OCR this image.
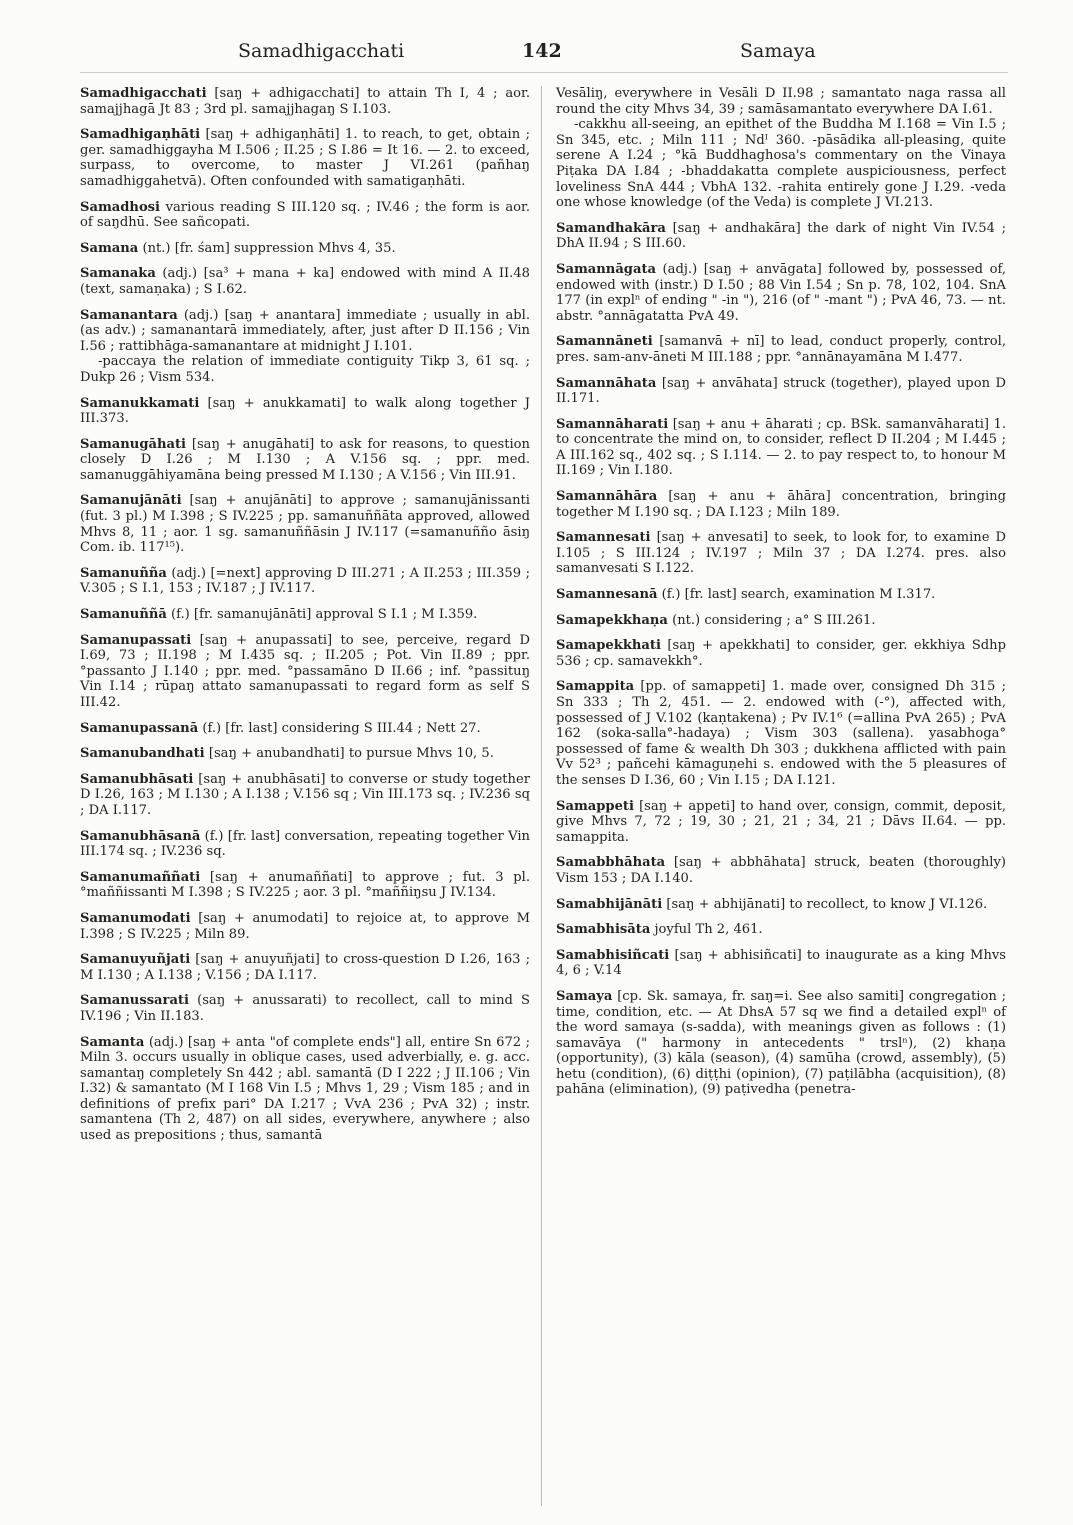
Samadhigacchati	142	Samaya
Samadhigacchati [saŋ + adhigacchati] to attain Th I, 4 ; aor. samajjhagā Jt 83 ; 3rd pl. samajjhagaŋ S I.103.
Samadhigaṇhāti [saŋ + adhigaṇhāti] 1. to reach, to get, obtain ; ger. samadhiggayha M I.506 ; II.25 ; S I.86 = It 16. — 2. to exceed, surpass, to overcome, to master J VI.261 (pañhaŋ samadhiggahetvā). Often confounded with samatigaṇhāti.
Samadhosi various reading S III.120 sq. ; IV.46 ; the form is aor. of saŋdhū. See sañcopati.
Samana (nt.) [fr. śam] suppression Mhvs 4, 35.
Samanaka (adj.) [sa³ + mana + ka] endowed with mind A II.48 (text, samaṇaka) ; S I.62.
Samanantara (adj.) [saŋ + anantara] immediate ; usually in abl. (as adv.) ; samanantarā immediately, after, just after D II.156 ; Vin I.56 ; rattibhāga-samanantare at midnight J I.101.
-paccaya the relation of immediate contiguity Tikp 3, 61 sq. ; Dukp 26 ; Vism 534.
Samanukkamati [saŋ + anukkamati] to walk along together J III.373.
Samanugāhati [saŋ + anugāhati] to ask for reasons, to question closely D I.26 ; M I.130 ; A V.156 sq. ; ppr. med. samanuggāhiyamāna being pressed M I.130 ; A V.156 ; Vin III.91.
Samanujānāti [saŋ + anujānāti] to approve ; samanujānissanti (fut. 3 pl.) M I.398 ; S IV.225 ; pp. samanuññāta approved, allowed Mhvs 8, 11 ; aor. 1 sg. samanuññāsin J IV.117 (=samanuñño āsiŋ Com. ib. 117¹⁵).
Samanuñña (adj.) [=next] approving D III.271 ; A II.253 ; III.359 ; V.305 ; S I.1, 153 ; IV.187 ; J IV.117.
Samanuññā (f.) [fr. samanujānāti] approval S I.1 ; M I.359.
Samanupassati [saŋ + anupassati] to see, perceive, regard D I.69, 73 ; II.198 ; M I.435 sq. ; II.205 ; Pot. Vin II.89 ; ppr. °passanto J I.140 ; ppr. med. °passamāno D II.66 ; inf. °passituŋ Vin I.14 ; rūpaŋ attato samanupassati to regard form as self S III.42.
Samanupassanā (f.) [fr. last] considering S III.44 ; Nett 27.
Samanubandhati [saŋ + anubandhati] to pursue Mhvs 10, 5.
Samanubhāsati [saŋ + anubhāsati] to converse or study together D I.26, 163 ; M I.130 ; A I.138 ; V.156 sq ; Vin III.173 sq. ; IV.236 sq ; DA I.117.
Samanubhāsanā (f.) [fr. last] conversation, repeating together Vin III.174 sq. ; IV.236 sq.
Samanumaññati [saŋ + anumaññati] to approve ; fut. 3 pl. °maññissanti M I.398 ; S IV.225 ; aor. 3 pl. °maññiŋsu J IV.134.
Samanumodati [saŋ + anumodati] to rejoice at, to approve M I.398 ; S IV.225 ; Miln 89.
Samanuyuñjati [saŋ + anuyuñjati] to cross-question D I.26, 163 ; M I.130 ; A I.138 ; V.156 ; DA I.117.
Samanussarati (saŋ + anussarati) to recollect, call to mind S IV.196 ; Vin II.183.
Samanta (adj.) [saŋ + anta "of complete ends"] all, entire Sn 672 ; Miln 3. occurs usually in oblique cases, used adverbially, e. g. acc. samantaŋ completely Sn 442 ; abl. samantā (D I 222 ; J II.106 ; Vin I.32) & samantato (M I 168 Vin I.5 ; Mhvs 1, 29 ; Vism 185 ; and in definitions of prefix pari° DA I.217 ; VvA 236 ; PvA 32) ; instr. samantena (Th 2, 487) on all sides, everywhere, anywhere ; also used as prepositions ; thus, samantā
Vesāliŋ, everywhere in Vesāli D II.98 ; samantato naga rassa all round the city Mhvs 34, 39 ; samāsamantato everywhere DA I.61.
-cakkhu all-seeing, an epithet of the Buddha M I.168 = Vin I.5 ; Sn 345, etc. ; Miln 111 ; Ndᴵ 360. -pāsādika all-pleasing, quite serene A I.24 ; °kā Buddhaghosa's commentary on the Vinaya Piṭaka DA I.84 ; -bhaddakatta complete auspiciousness, perfect loveliness SnA 444 ; VbhA 132. -rahita entirely gone J I.29. -veda one whose knowledge (of the Veda) is complete J VI.213.
Samandhakāra [saŋ + andhakāra] the dark of night Vin IV.54 ; DhA II.94 ; S III.60.
Samannāgata (adj.) [saŋ + anvāgata] followed by, possessed of, endowed with (instr.) D I.50 ; 88 Vin I.54 ; Sn p. 78, 102, 104. SnA 177 (in explⁿ of ending " -in "), 216 (of " -mant ") ; PvA 46, 73. — nt. abstr. °annāgatatta PvA 49.
Samannāneti [samanvā + nī] to lead, conduct properly, control, pres. sam-anv-āneti M III.188 ; ppr. °annānayamāna M I.477.
Samannāhata [saŋ + anvāhata] struck (together), played upon D II.171.
Samannāharati [saŋ + anu + āharati ; cp. BSk. samanvāharati] 1. to concentrate the mind on, to consider, reflect D II.204 ; M I.445 ; A III.162 sq., 402 sq. ; S I.114. — 2. to pay respect to, to honour M II.169 ; Vin I.180.
Samannāhāra [saŋ + anu + āhāra] concentration, bringing together M I.190 sq. ; DA I.123 ; Miln 189.
Samannesati [saŋ + anvesati] to seek, to look for, to examine D I.105 ; S III.124 ; IV.197 ; Miln 37 ; DA I.274. pres. also samanvesati S I.122.
Samannesanā (f.) [fr. last] search, examination M I.317.
Samapekkhaṇa (nt.) considering ; a° S III.261.
Samapekkhati [saŋ + apekkhati] to consider, ger. ekkhiya Sdhp 536 ; cp. samavekkh°.
Samappita [pp. of samappeti] 1. made over, consigned Dh 315 ; Sn 333 ; Th 2, 451. — 2. endowed with (-°), affected with, possessed of J V.102 (kaṇtakena) ; Pv IV.1⁶ (=allina PvA 265) ; PvA 162 (soka-salla°-hadaya) ; Vism 303 (sallena). yasabhoga° possessed of fame & wealth Dh 303 ; dukkhena afflicted with pain Vv 52³ ; pañcehi kāmaguṇehi s. endowed with the 5 pleasures of the senses D I.36, 60 ; Vin I.15 ; DA I.121.
Samappeti [saŋ + appeti] to hand over, consign, commit, deposit, give Mhvs 7, 72 ; 19, 30 ; 21, 21 ; 34, 21 ; Dāvs II.64. — pp. samappita.
Samabbhāhata [saŋ + abbhāhata] struck, beaten (thoroughly) Vism 153 ; DA I.140.
Samabhijānāti [saŋ + abhijānati] to recollect, to know J VI.126.
Samabhisāta joyful Th 2, 461.
Samabhisiñcati [saŋ + abhisiñcati] to inaugurate as a king Mhvs 4, 6 ; V.14
Samaya [cp. Sk. samaya, fr. saŋ=i. See also samiti] congregation ; time, condition, etc. — At DhsA 57 sq we find a detailed explⁿ of the word samaya (s-sadda), with meanings given as follows : (1) samavāya (" harmony in antecedents " trslⁿ), (2) khaṇa (opportunity), (3) kāla (season), (4) samūha (crowd, assembly), (5) hetu (condition), (6) diṭṭhi (opinion), (7) paṭilābha (acquisition), (8) pahāna (elimination), (9) paṭivedha (penetra-
